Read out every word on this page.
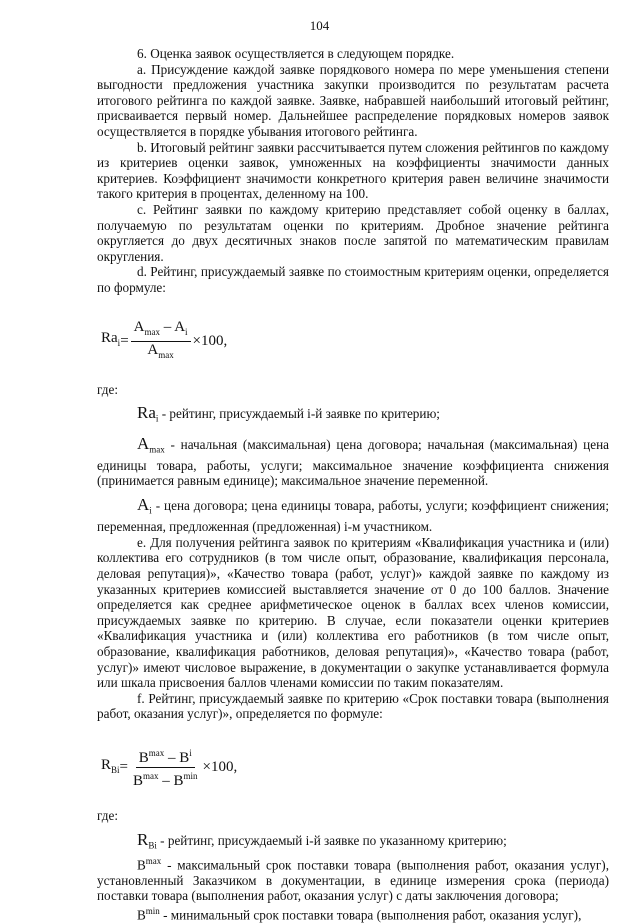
104

6. Оценка заявок осуществляется в следующем порядке.

а. Присуждение каждой заявке порядкового номера по мере уменьшения степени выгодности предложения участника закупки производится по результатам расчета итогового рейтинга по каждой заявке. Заявке, набравшей наибольший итоговый рейтинг, присваивается первый номер. Дальнейшее распределение порядковых номеров заявок осуществляется в порядке убывания итогового рейтинга.

b. Итоговый рейтинг заявки рассчитывается путем сложения рейтингов по каждому из критериев оценки заявок, умноженных на коэффициенты значимости данных критериев. Коэффициент значимости конкретного критерия равен величине значимости такого критерия в процентах, деленному на 100.

с. Рейтинг заявки по каждому критерию представляет собой оценку в баллах, получаемую по результатам оценки по критериям. Дробное значение рейтинга округляется до двух десятичных знаков после запятой по математическим правилам округления.

d. Рейтинг, присуждаемый заявке по стоимостным критериям оценки, определяется по формуле:

$Ra_i = \frac{A_{max} - A_i}{A_{max}} \times 100$ ,

где:

$Ra_i$ - рейтинг, присуждаемый i-й заявке по критерию;

$A_{max}$ - начальная (максимальная) цена договора; начальная (максимальная) цена единицы товара, работы, услуги; максимальное значение коэффициента снижения (принимается равным единице); максимальное значение переменной.

$A_i$ - цена договора; цена единицы товара, работы, услуги; коэффициент снижения; переменная, предложенная (предложенная) i-м участником.

е. Для получения рейтинга заявок по критериям «Квалификация участника и (или) коллектива его сотрудников (в том числе опыт, образование, квалификация персонала, деловая репутация)», «Качество товара (работ, услуг)» каждой заявке по каждому из указанных критериев комиссией выставляется значение от 0 до 100 баллов. Значение определяется как среднее арифметическое оценок в баллах всех членов комиссии, присуждаемых заявке по критерию. В случае, если показатели оценки критериев «Квалификация участника и (или) коллектива его работников (в том числе опыт, образование, квалификация работников, деловая репутация)», «Качество товара (работ, услуг)» имеют числовое выражение, в документации о закупке устанавливается формула или шкала присвоения баллов членами комиссии по таким показателям.

f. Рейтинг, присуждаемый заявке по критерию «Срок поставки товара (выполнения работ, оказания услуг)», определяется по формуле:

$R_{Bi} = \frac{B^{max} - B^i}{B^{max} - B^{min}} \times 100$ ,

где:

$R_{Bi}$ - рейтинг, присуждаемый i-й заявке по указанному критерию;

$B^{max}$ - максимальный срок поставки товара (выполнения работ, оказания услуг), установленный Заказчиком в документации, в единице измерения срока (периода) поставки товара (выполнения работ, оказания услуг) с даты заключения договора;

$B^{min}$ - минимальный срок поставки товара (выполнения работ, оказания услуг),
